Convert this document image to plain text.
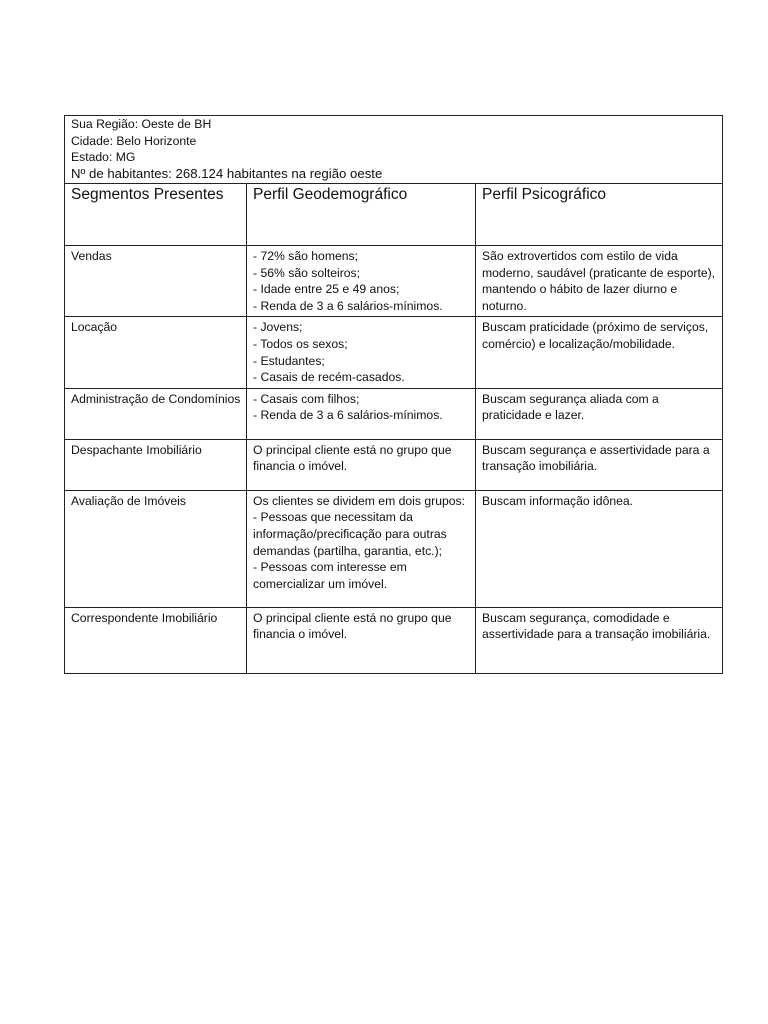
Sua Região: Oeste de BH
Cidade: Belo Horizonte
Estado: MG
Nº de habitantes: 268.124 habitantes na região oeste		

Segmentos Presentes	Perfil Geodemográfico	Perfil Psicográfico
Vendas	- 72% são homens;
- 56% são solteiros;
- Idade entre 25 e 49 anos;
- Renda de 3 a 6 salários-mínimos.	São extrovertidos com estilo de vida moderno, saudável (praticante de esporte), mantendo o hábito de lazer diurno e noturno.
Locação	- Jovens;
- Todos os sexos;
- Estudantes;
- Casais de recém-casados.	Buscam praticidade (próximo de serviços, comércio) e localização/mobilidade.
Administração de Condomínios	- Casais com filhos;
- Renda de 3 a 6 salários-mínimos.	Buscam segurança aliada com a praticidade e lazer.
Despachante Imobiliário	O principal cliente está no grupo que financia o imóvel.	Buscam segurança e assertividade para a transação imobiliária.
Avaliação de Imóveis	Os clientes se dividem em dois grupos:
- Pessoas que necessitam da informação/precificação para outras demandas (partilha, garantia, etc.);
- Pessoas com interesse em comercializar um imóvel.	Buscam informação idônea.
Correspondente Imobiliário	O principal cliente está no grupo que financia o imóvel.	Buscam segurança, comodidade e assertividade para a transação imobiliária.
